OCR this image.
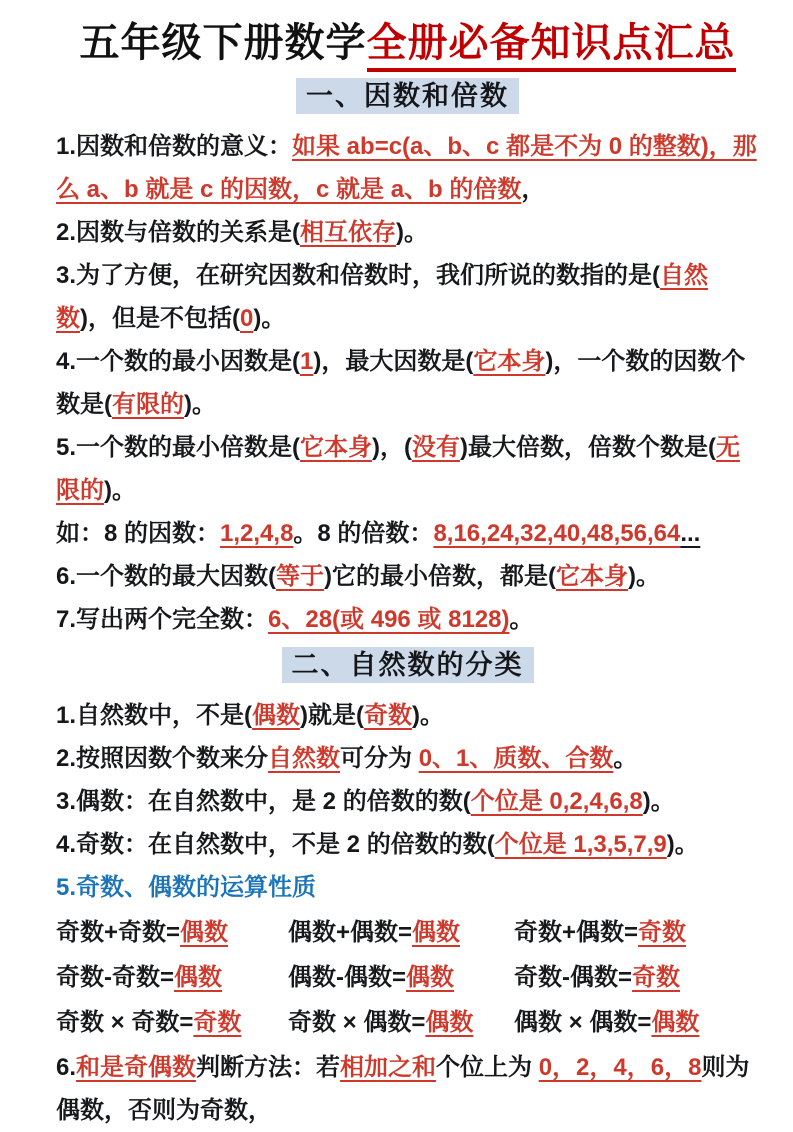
五年级下册数学全册必备知识点汇总
一、因数和倍数

1.因数和倍数的意义：如果 ab=c(a、b、c 都是不为 0 的整数)，那么 a、b 就是 c 的因数，c 就是 a、b 的倍数，

2.因数与倍数的关系是(相互依存)。

3.为了方便，在研究因数和倍数时，我们所说的数指的是(自然数)，但是不包括(0)。

4.一个数的最小因数是(1)，最大因数是(它本身)，一个数的因数个数是(有限的)。

5.一个数的最小倍数是(它本身)，(没有)最大倍数，倍数个数是(无限的)。

如：8 的因数：1,2,4,8。8 的倍数：8,16,24,32,40,48,56,64...

6.一个数的最大因数(等于)它的最小倍数，都是(它本身)。

7.写出两个完全数：6、28(或 496 或 8128)。

二、自然数的分类

1.自然数中，不是(偶数)就是(奇数)。

2.按照因数个数来分自然数可分为 0、1、质数、合数。

3.偶数：在自然数中，是 2 的倍数的数(个位是 0,2,4,6,8)。

4.奇数：在自然数中，不是 2 的倍数的数(个位是 1,3,5,7,9)。

5.奇数、偶数的运算性质

奇数+奇数=偶数	偶数+偶数=偶数	奇数+偶数=奇数
奇数-奇数=偶数	偶数-偶数=偶数	奇数-偶数=奇数
奇数 × 奇数=奇数	奇数 × 偶数=偶数	偶数 × 偶数=偶数

6.和是奇偶数判断方法：若相加之和个位上为 0，2，4，6，8则为偶数，否则为奇数，
